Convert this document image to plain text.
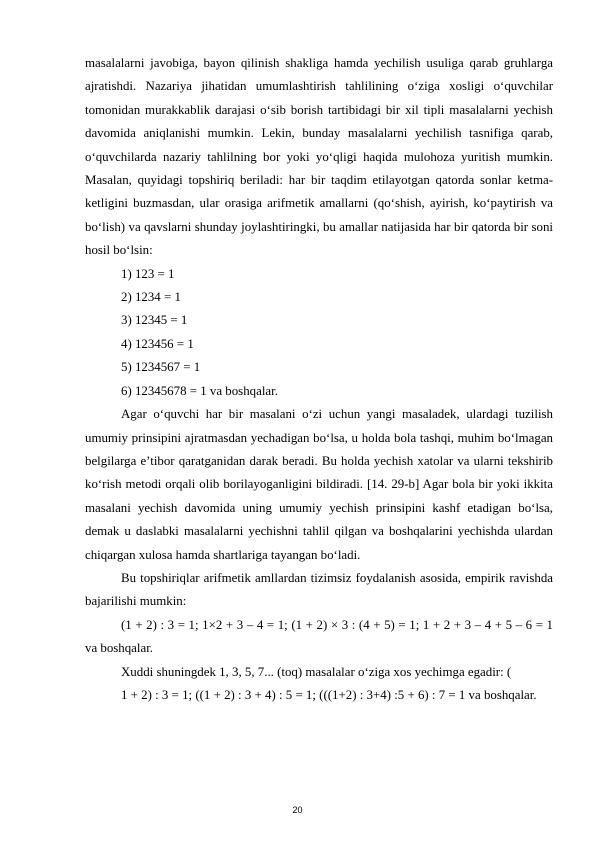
masalalarni javobiga, bayon qilinish shakliga hamda yechilish usuliga qarab gruhlarga ajratishdi. Nazariya jihatidan umumlashtirish tahlilining o‘ziga xosligi o‘quvchilar tomonidan murakkablik darajasi o‘sib borish tartibidagi bir xil tipli masalalarni yechish davomida aniqlanishi mumkin. Lekin, bunday masalalarni yechilish tasnifiga qarab, o‘quvchilarda nazariy tahlilning bor yoki yo‘qligi haqida mulohoza yuritish mumkin. Masalan, quyidagi topshiriq beriladi: har bir taqdim etilayotgan qatorda sonlar ketma-ketligini buzmasdan, ular orasiga arifmetik amallarni (qo‘shish, ayirish, ko‘paytirish va bo‘lish) va qavslarni shunday joylashtiringki, bu amallar natijasida har bir qatorda bir soni hosil bo‘lsin:

1) 123 = 1

2) 1234 = 1

3) 12345 = 1

4) 123456 = 1

5) 1234567 = 1

6) 12345678 = 1 va boshqalar.

Agar o‘quvchi har bir masalani o‘zi uchun yangi masaladek, ulardagi tuzilish umumiy prinsipini ajratmasdan yechadigan bo‘lsa, u holda bola tashqi, muhim bo‘lmagan belgilarga e’tibor qaratganidan darak beradi. Bu holda yechish xatolar va ularni tekshirib ko‘rish metodi orqali olib borilayoganligini bildiradi. [14. 29-b] Agar bola bir yoki ikkita masalani yechish davomida uning umumiy yechish prinsipini kashf etadigan bo‘lsa, demak u daslabki masalalarni yechishni tahlil qilgan va boshqalarini yechishda ulardan chiqargan xulosa hamda shartlariga tayangan bo‘ladi.

Bu topshiriqlar arifmetik amllardan tizimsiz foydalanish asosida, empirik ravishda bajarilishi mumkin:

(1 + 2) : 3 = 1; 1×2 + 3 – 4 = 1; (1 + 2) × 3 : (4 + 5) = 1; 1 + 2 + 3 – 4 + 5 – 6 = 1 va boshqalar.

Xuddi shuningdek 1, 3, 5, 7... (toq) masalalar o‘ziga xos yechimga egadir: (

1 + 2) : 3 = 1; ((1 + 2) : 3 + 4) : 5 = 1; (((1+2) : 3+4) :5 + 6) : 7 = 1 va boshqalar.

20
